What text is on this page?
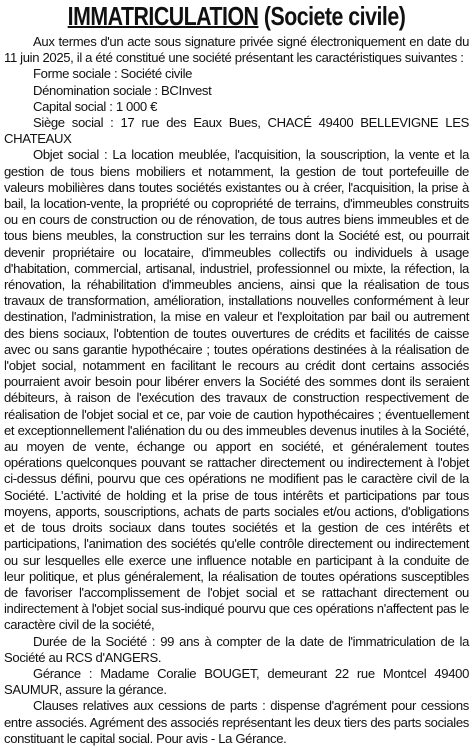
IMMATRICULATION (Societe civile)

Aux termes d'un acte sous signature privée signé électroniquement en date du 11 juin 2025, il a été constitué une société présentant les caractéristiques suivantes :

Forme sociale : Société civile

Dénomination sociale : BCInvest

Capital social : 1 000 €

Siège social : 17 rue des Eaux Bues, CHACÉ 49400 BELLEVIGNE LES CHATEAUX

Objet social : La location meublée, l'acquisition, la souscription, la vente et la gestion de tous biens mobiliers et notamment, la gestion de tout portefeuille de valeurs mobilières dans toutes sociétés existantes ou à créer, l'acquisition, la prise à bail, la location-vente, la propriété ou copropriété de terrains, d'immeubles construits ou en cours de construction ou de rénovation, de tous autres biens immeubles et de tous biens meubles, la construction sur les terrains dont la Société est, ou pourrait devenir propriétaire ou locataire, d'immeubles collectifs ou individuels à usage d'habitation, commercial, artisanal, industriel, professionnel ou mixte, la réfection, la rénovation, la réhabilitation d'immeubles anciens, ainsi que la réalisation de tous travaux de transformation, amélioration, installations nouvelles conformément à leur destination, l'administration, la mise en valeur et l'exploitation par bail ou autrement des biens sociaux, l'obtention de toutes ouvertures de crédits et facilités de caisse avec ou sans garantie hypothécaire ; toutes opérations destinées à la réalisation de l'objet social, notamment en facilitant le recours au crédit dont certains associés pourraient avoir besoin pour libérer envers la Société des sommes dont ils seraient débiteurs, à raison de l'exécution des travaux de construction respectivement de réalisation de l'objet social et ce, par voie de caution hypothécaires ; éventuellement et exceptionnellement l'aliénation du ou des immeubles devenus inutiles à la Société, au moyen de vente, échange ou apport en société, et généralement toutes opérations quelconques pouvant se rattacher directement ou indirectement à l'objet ci-dessus défini, pourvu que ces opérations ne modifient pas le caractère civil de la Société. L'activité de holding et la prise de tous intérêts et participations par tous moyens, apports, souscriptions, achats de parts sociales et/ou actions, d'obligations et de tous droits sociaux dans toutes sociétés et la gestion de ces intérêts et participations, l'animation des sociétés qu'elle contrôle directement ou indirectement ou sur lesquelles elle exerce une influence notable en participant à la conduite de leur politique, et plus généralement, la réalisation de toutes opérations susceptibles de favoriser l'accomplissement de l'objet social et se rattachant directement ou indirectement à l'objet social sus-indiqué pourvu que ces opérations n'affectent pas le caractère civil de la société,

Durée de la Société : 99 ans à compter de la date de l'immatriculation de la Société au RCS d'ANGERS.

Gérance : Madame Coralie BOUGET, demeurant 22 rue Montcel 49400 SAUMUR, assure la gérance.

Clauses relatives aux cessions de parts : dispense d'agrément pour cessions entre associés. Agrément des associés représentant les deux tiers des parts sociales constituant le capital social. Pour avis - La Gérance.
